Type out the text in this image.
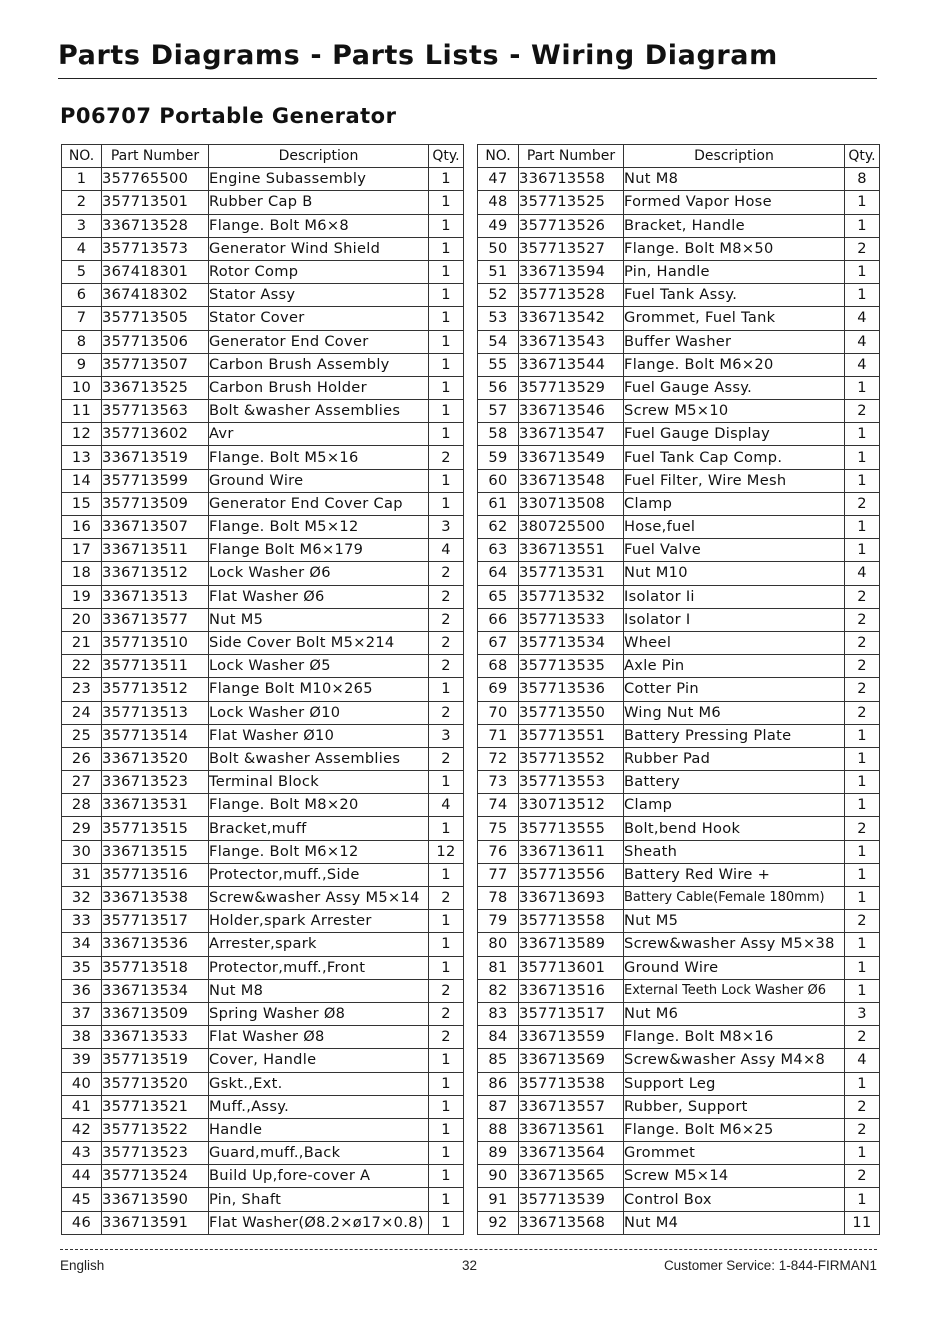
Parts Diagrams - Parts Lists - Wiring Diagram
P06707 Portable Generator
NO.	Part Number	Description	Qty.
1	357765500	Engine Subassembly	1
2	357713501	Rubber Cap B	1
3	336713528	Flange. Bolt M6×8	1
4	357713573	Generator Wind Shield	1
5	367418301	Rotor Comp	1
6	367418302	Stator Assy	1
7	357713505	Stator Cover	1
8	357713506	Generator End Cover	1
9	357713507	Carbon Brush Assembly	1
10	336713525	Carbon Brush Holder	1
11	357713563	Bolt &washer Assemblies	1
12	357713602	Avr	1
13	336713519	Flange. Bolt M5×16	2
14	357713599	Ground Wire	1
15	357713509	Generator End Cover Cap	1
16	336713507	Flange. Bolt M5×12	3
17	336713511	Flange Bolt M6×179	4
18	336713512	Lock Washer Ø6	2
19	336713513	Flat Washer Ø6	2
20	336713577	Nut M5	2
21	357713510	Side Cover Bolt M5×214	2
22	357713511	Lock Washer Ø5	2
23	357713512	Flange Bolt M10×265	1
24	357713513	Lock Washer Ø10	2
25	357713514	Flat Washer Ø10	3
26	336713520	Bolt &washer Assemblies	2
27	336713523	Terminal Block	1
28	336713531	Flange. Bolt M8×20	4
29	357713515	Bracket,muff	1
30	336713515	Flange. Bolt M6×12	12
31	357713516	Protector,muff.,Side	1
32	336713538	Screw&washer Assy M5×14	2
33	357713517	Holder,spark Arrester	1
34	336713536	Arrester,spark	1
35	357713518	Protector,muff.,Front	1
36	336713534	Nut M8	2
37	336713509	Spring Washer Ø8	2
38	336713533	Flat Washer Ø8	2
39	357713519	Cover, Handle	1
40	357713520	Gskt.,Ext.	1
41	357713521	Muff.,Assy.	1
42	357713522	Handle	1
43	357713523	Guard,muff.,Back	1
44	357713524	Build Up,fore-cover A	1
45	336713590	Pin, Shaft	1
46	336713591	Flat Washer(Ø8.2×ø17×0.8)	1
NO.	Part Number	Description	Qty.
47	336713558	Nut M8	8
48	357713525	Formed Vapor Hose	1
49	357713526	Bracket, Handle	1
50	357713527	Flange. Bolt M8×50	2
51	336713594	Pin, Handle	1
52	357713528	Fuel Tank Assy.	1
53	336713542	Grommet, Fuel Tank	4
54	336713543	Buffer Washer	4
55	336713544	Flange. Bolt M6×20	4
56	357713529	Fuel Gauge Assy.	1
57	336713546	Screw M5×10	2
58	336713547	Fuel Gauge Display	1
59	336713549	Fuel Tank Cap Comp.	1
60	336713548	Fuel Filter, Wire Mesh	1
61	330713508	Clamp	2
62	380725500	Hose,fuel	1
63	336713551	Fuel Valve	1
64	357713531	Nut M10	4
65	357713532	Isolator Ii	2
66	357713533	Isolator I	2
67	357713534	Wheel	2
68	357713535	Axle Pin	2
69	357713536	Cotter Pin	2
70	357713550	Wing Nut M6	2
71	357713551	Battery Pressing Plate	1
72	357713552	Rubber Pad	1
73	357713553	Battery	1
74	330713512	Clamp	1
75	357713555	Bolt,bend Hook	2
76	336713611	Sheath	1
77	357713556	Battery Red Wire +	1
78	336713693	Battery Cable(Female 180mm)	1
79	357713558	Nut M5	2
80	336713589	Screw&washer Assy M5×38	1
81	357713601	Ground Wire	1
82	336713516	External Teeth Lock Washer Ø6	1
83	357713517	Nut M6	3
84	336713559	Flange. Bolt M8×16	2
85	336713569	Screw&washer Assy M4×8	4
86	357713538	Support Leg	1
87	336713557	Rubber, Support	2
88	336713561	Flange. Bolt M6×25	2
89	336713564	Grommet	1
90	336713565	Screw M5×14	2
91	357713539	Control Box	1
92	336713568	Nut M4	11
English	32	Customer Service: 1-844-FIRMAN1
